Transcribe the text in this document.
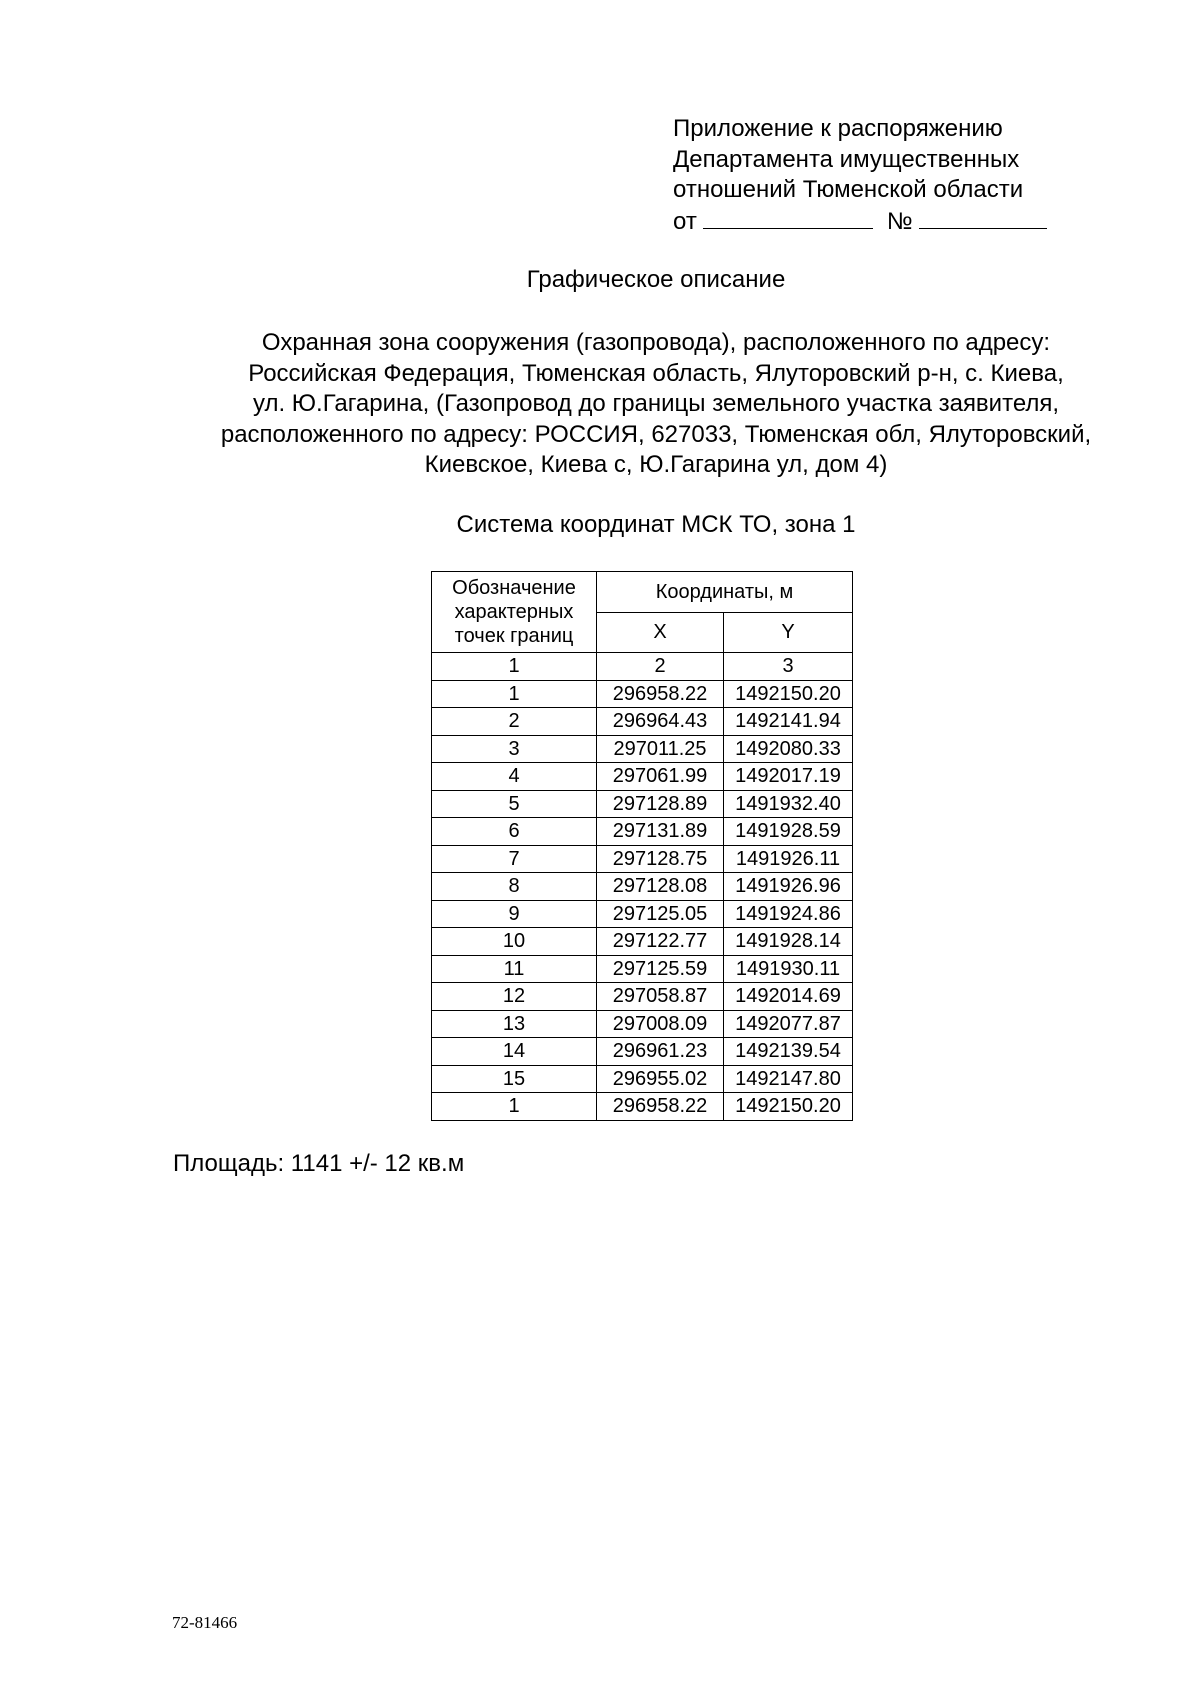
Приложение к распоряжению
Департамента имущественных
отношений Тюменской области
от	№
Графическое описание
Охранная зона сооружения (газопровода), расположенного по адресу:
Российская Федерация, Тюменская область, Ялуторовский р-н, с. Киева,
ул. Ю.Гагарина, (Газопровод до границы земельного участка заявителя,
расположенного по адресу: РОССИЯ, 627033, Тюменская обл, Ялуторовский,
Киевское, Киева с, Ю.Гагарина ул, дом 4)
Система координат МСК ТО, зона 1
Обозначение характерных точек границ	Координаты, м	
	X	Y
1	2	3
1	296958.22	1492150.20
2	296964.43	1492141.94
3	297011.25	1492080.33
4	297061.99	1492017.19
5	297128.89	1491932.40
6	297131.89	1491928.59
7	297128.75	1491926.11
8	297128.08	1491926.96
9	297125.05	1491924.86
10	297122.77	1491928.14
11	297125.59	1491930.11
12	297058.87	1492014.69
13	297008.09	1492077.87
14	296961.23	1492139.54
15	296955.02	1492147.80
1	296958.22	1492150.20
Площадь: 1141 +/- 12 кв.м
72-81466
